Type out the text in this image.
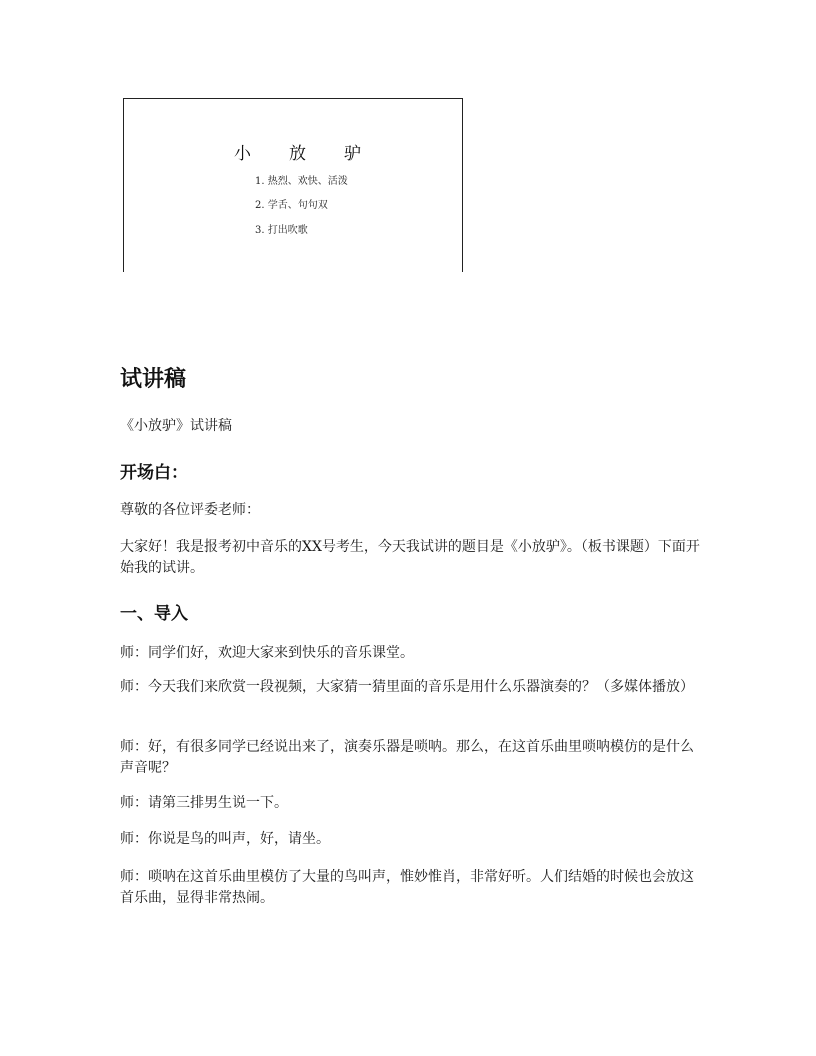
小 放 驴
1. 热烈、欢快、活泼
2. 学舌、句句双
3. 打出吹歌
试讲稿

《小放驴》试讲稿

开场白：

尊敬的各位评委老师：

大家好！我是报考初中音乐的XX号考生，今天我试讲的题目是《小放驴》。（板书课题）下面开始我的试讲。

一、导入

师：同学们好，欢迎大家来到快乐的音乐课堂。

师：今天我们来欣赏一段视频，大家猜一猜里面的音乐是用什么乐器演奏的？（多媒体播放）

师：好，有很多同学已经说出来了，演奏乐器是唢呐。那么，在这首乐曲里唢呐模仿的是什么声音呢？

师：请第三排男生说一下。

师：你说是鸟的叫声，好，请坐。

师：唢呐在这首乐曲里模仿了大量的鸟叫声，惟妙惟肖，非常好听。人们结婚的时候也会放这首乐曲，显得非常热闹。
